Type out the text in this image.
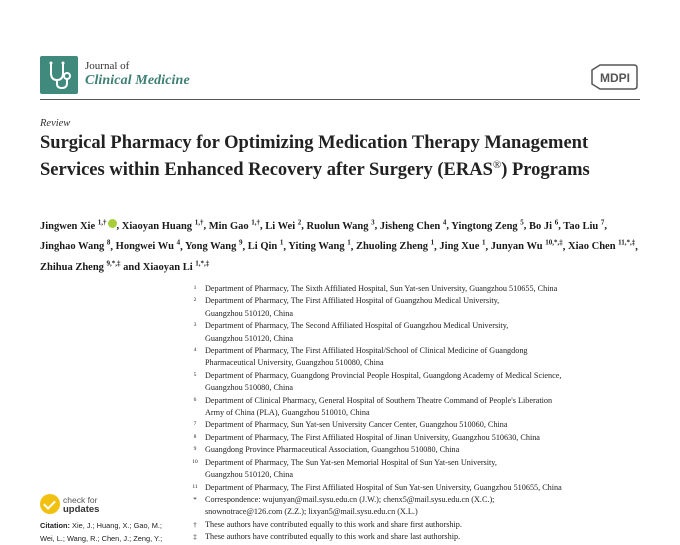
Journal of
Clinical Medicine	MDPI
Review
Surgical Pharmacy for Optimizing Medication Therapy Management Services within Enhanced Recovery after Surgery (ERAS®) Programs
Jingwen Xie $^{1,\dagger}$ , Xiaoyan Huang $^{1,\dagger}$, Min Gao $^{1,\dagger}$, Li Wei $^2$, Ruolun Wang $^3$, Jisheng Chen $^4$, Yingtong Zeng $^5$, Bo Ji $^6$, Tao Liu $^7$, Jinghao Wang $^8$, Hongwei Wu $^4$, Yong Wang $^9$, Li Qin $^1$, Yiting Wang $^1$, Zhuoling Zheng $^1$, Jing Xue $^1$, Junyan Wu $^{10,*,\ddagger}$, Xiao Chen $^{11,*,\ddagger}$, Zhihua Zheng $^{9,*,\ddagger}$ and Xiaoyan Li $^{1,*,\ddagger}$
1	Department of Pharmacy, The Sixth Affiliated Hospital, Sun Yat-sen University, Guangzhou 510655, China
2	Department of Pharmacy, The First Affiliated Hospital of Guangzhou Medical University,
Guangzhou 510120, China
3	Department of Pharmacy, The Second Affiliated Hospital of Guangzhou Medical University,
Guangzhou 510120, China
4	Department of Pharmacy, The First Affiliated Hospital/School of Clinical Medicine of Guangdong
Pharmaceutical University, Guangzhou 510080, China
5	Department of Pharmacy, Guangdong Provincial People Hospital, Guangdong Academy of Medical Science,
Guangzhou 510080, China
6	Department of Clinical Pharmacy, General Hospital of Southern Theatre Command of People's Liberation
Army of China (PLA), Guangzhou 510010, China
7	Department of Pharmacy, Sun Yat-sen University Cancer Center, Guangzhou 510060, China
8	Department of Pharmacy, The First Affiliated Hospital of Jinan University, Guangzhou 510630, China
9	Guangdong Province Pharmaceutical Association, Guangzhou 510080, China
10 Department of Pharmacy, The Sun Yat-sen Memorial Hospital of Sun Yat-sen University,
Guangzhou 510120, China
11 Department of Pharmacy, The First Affiliated Hospital of Sun Yat-sen University, Guangzhou 510655, China
*	Correspondence: wujunyan@mail.sysu.edu.cn (J.W.); chenx5@mail.sysu.edu.cn (X.C.);
snownotrace@126.com (Z.Z.); lixyan5@mail.sysu.edu.cn (X.L.)
†	These authors have contributed equally to this work and share first authorship.
‡	These authors have contributed equally to this work and share last authorship.
check for
updates
Citation: Xie, J.; Huang, X.; Gao, M.;
Wei, L.; Wang, R.; Chen, J.; Zeng, Y.;
